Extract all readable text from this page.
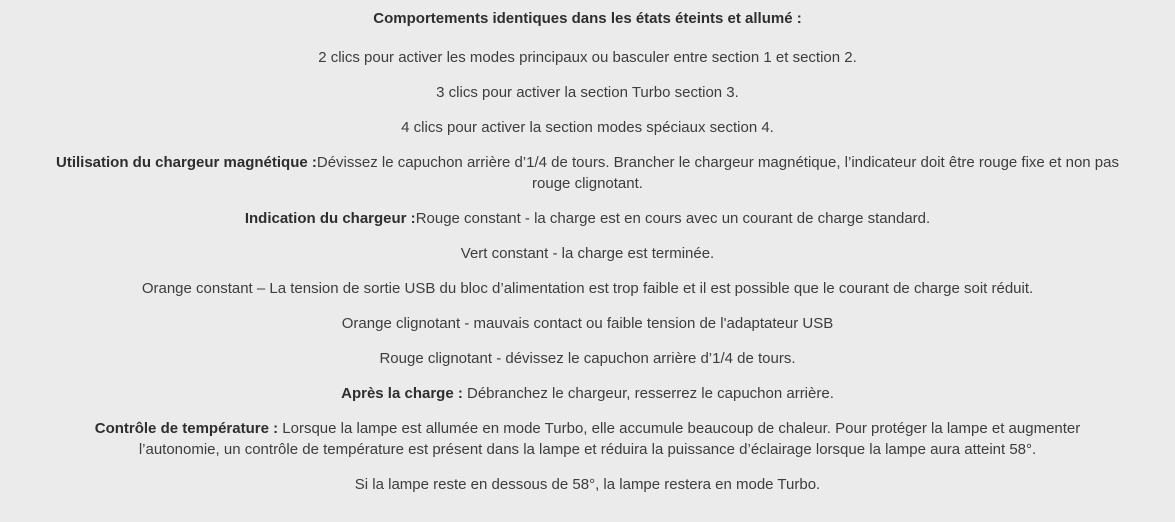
Comportements identiques dans les états éteints et allumé :

2 clics pour activer les modes principaux ou basculer entre section 1 et section 2.

3 clics pour activer la section Turbo section 3.

4 clics pour activer la section modes spéciaux section 4.

Utilisation du chargeur magnétique :Dévissez le capuchon arrière d’1/4 de tours. Brancher le chargeur magnétique, l’indicateur doit être rouge fixe et non pas rouge clignotant.

Indication du chargeur :Rouge constant - la charge est en cours avec un courant de charge standard.

Vert constant - la charge est terminée.

Orange constant – La tension de sortie USB du bloc d’alimentation est trop faible et il est possible que le courant de charge soit réduit.

Orange clignotant - mauvais contact ou faible tension de l'adaptateur USB

Rouge clignotant - dévissez le capuchon arrière d’1/4 de tours.

Après la charge : Débranchez le chargeur, resserrez le capuchon arrière.

Contrôle de température : Lorsque la lampe est allumée en mode Turbo, elle accumule beaucoup de chaleur. Pour protéger la lampe et augmenter l’autonomie, un contrôle de température est présent dans la lampe et réduira la puissance d’éclairage lorsque la lampe aura atteint 58°.

Si la lampe reste en dessous de 58°, la lampe restera en mode Turbo.
